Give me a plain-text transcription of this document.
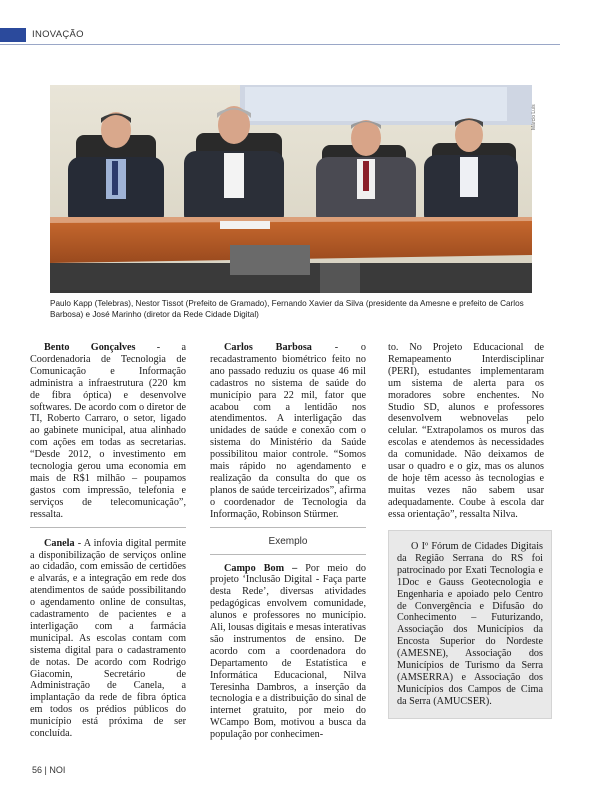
INOVAÇÃO
Márcio Luis
Paulo Kapp (Telebras), Nestor Tissot (Prefeito de Gramado), Fernando Xavier da Silva (presidente da Amesne e prefeito de Carlos Barbosa) e José Marinho (diretor da Rede Cidade Digital)

Bento Gonçalves - a Coordenadoria de Tecnologia de Comunicação e Informação administra a infraestrutura (220 km de fibra óptica) e desenvolve softwares. De acordo com o diretor de TI, Roberto Carraro, o setor, ligado ao gabinete municipal, atua alinhado com ações em todas as secretarias. “Desde 2012, o investimento em tecnologia gerou uma economia em mais de R$1 milhão – poupamos gastos com impressão, telefonia e serviços de telecomunicação”, ressalta.

Canela - A infovia digital permite a disponibilização de serviços online ao cidadão, com emissão de certidões e alvarás, e a integração em rede dos atendimentos de saúde possibilitando o agendamento online de consultas, cadastramento de pacientes e a interligação com a farmácia municipal. As escolas contam com sistema digital para o cadastramento de notas. De acordo com Rodrigo Giacomin, Secretário de Administração de Canela, a implantação da rede de fibra óptica em todos os prédios públicos do município está próxima de ser concluída.

Carlos Barbosa - o recadastramento biométrico feito no ano passado reduziu os quase 46 mil cadastros no sistema de saúde do município para 22 mil, fator que acabou com a lentidão nos atendimentos. A interligação das unidades de saúde e conexão com o sistema do Ministério da Saúde possibilitou maior controle. “Somos mais rápido no agendamento e realização da consulta do que os planos de saúde terceirizados”, afirma o coordenador de Tecnologia da Informação, Robinson Stürmer.

Exemplo

Campo Bom – Por meio do projeto ‘Inclusão Digital - Faça parte desta Rede’, diversas atividades pedagógicas envolvem comunidade, alunos e professores no município. Ali, lousas digitais e mesas interativas são instrumentos de ensino. De acordo com a coordenadora do Departamento de Estatística e Informática Educacional, Nilva Teresinha Dambros, a inserção da tecnologia e a distribuição do sinal de internet gratuito, por meio do WCampo Bom, motivou a busca da população por conhecimen-

to. No Projeto Educacional de Remapeamento Interdisciplinar (PERI), estudantes implementaram um sistema de alerta para os moradores sobre enchentes. No Studio SD, alunos e professores desenvolvem webnovelas pelo celular. “Extrapolamos os muros das escolas e atendemos às necessidades da comunidade. Não deixamos de usar o quadro e o giz, mas os alunos de hoje têm acesso às tecnologias e muitas vezes não sabem usar adequadamente. Coube à escola dar essa orientação”, ressalta Nilva.

O Iº Fórum de Cidades Digitais da Região Serrana do RS foi patrocinado por Exati Tecnologia e 1Doc e Gauss Geotecnologia e Engenharia e apoiado pelo Centro de Convergência e Difusão do Conhecimento – Futurizando, Associação dos Municípios da Encosta Superior do Nordeste (AMESNE), Associação dos Municípios de Turismo da Serra (AMSERRA) e Associação dos Municípios dos Campos de Cima da Serra (AMUCSER).

56 | NOI
